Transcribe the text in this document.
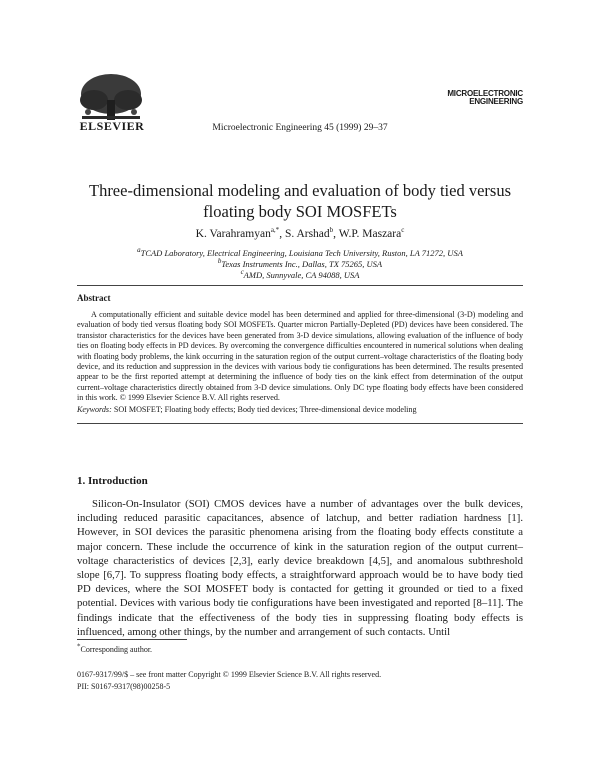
ELSEVIER	Microelectronic Engineering 45 (1999) 29–37
MICROELECTRONIC
ENGINEERING
Three-dimensional modeling and evaluation of body tied versus floating body SOI MOSFETs
K. Varahramyan$^{a,*}$, S. Arshad$^b$, W.P. Maszara$^c$
$^a$TCAD Laboratory, Electrical Engineering, Louisiana Tech University, Ruston, LA 71272, USA
$^b$Texas Instruments Inc., Dallas, TX 75265, USA
$^c$AMD, Sunnyvale, CA 94088, USA
Abstract
A computationally efficient and suitable device model has been determined and applied for three-dimensional (3-D) modeling and evaluation of body tied versus floating body SOI MOSFETs. Quarter micron Partially-Depleted (PD) devices have been considered. The transistor characteristics for the devices have been generated from 3-D device simulations, allowing evaluation of the influence of body ties on floating body effects in PD devices. By overcoming the convergence difficulties encountered in numerical solutions when dealing with floating body problems, the kink occurring in the saturation region of the output current–voltage characteristics of the floating body device, and its reduction and suppression in the devices with various body tie configurations has been determined. The results presented appear to be the first reported attempt at determining the influence of body ties on the kink effect from determination of the output current–voltage characteristics directly obtained from 3-D device simulations. Only DC type floating body effects have been considered in this work. © 1999 Elsevier Science B.V. All rights reserved.
Keywords: SOI MOSFET; Floating body effects; Body tied devices; Three-dimensional device modeling
1. Introduction
Silicon-On-Insulator (SOI) CMOS devices have a number of advantages over the bulk devices, including reduced parasitic capacitances, absence of latchup, and better radiation hardness [1]. However, in SOI devices the parasitic phenomena arising from the floating body effects constitute a major concern. These include the occurrence of kink in the saturation region of the output current–voltage characteristics of devices [2,3], early device breakdown [4,5], and anomalous subthreshold slope [6,7]. To suppress floating body effects, a straightforward approach would be to have body tied PD devices, where the SOI MOSFET body is contacted for getting it grounded or tied to a fixed potential. Devices with various body tie configurations have been investigated and reported [8–11]. The findings indicate that the effectiveness of the body ties in suppressing floating body effects is influenced, among other things, by the number and arrangement of such contacts. Until
*Corresponding author.
0167-9317/99/$ – see front matter Copyright © 1999 Elsevier Science B.V. All rights reserved.
PII: S0167-9317(98)00258-5
